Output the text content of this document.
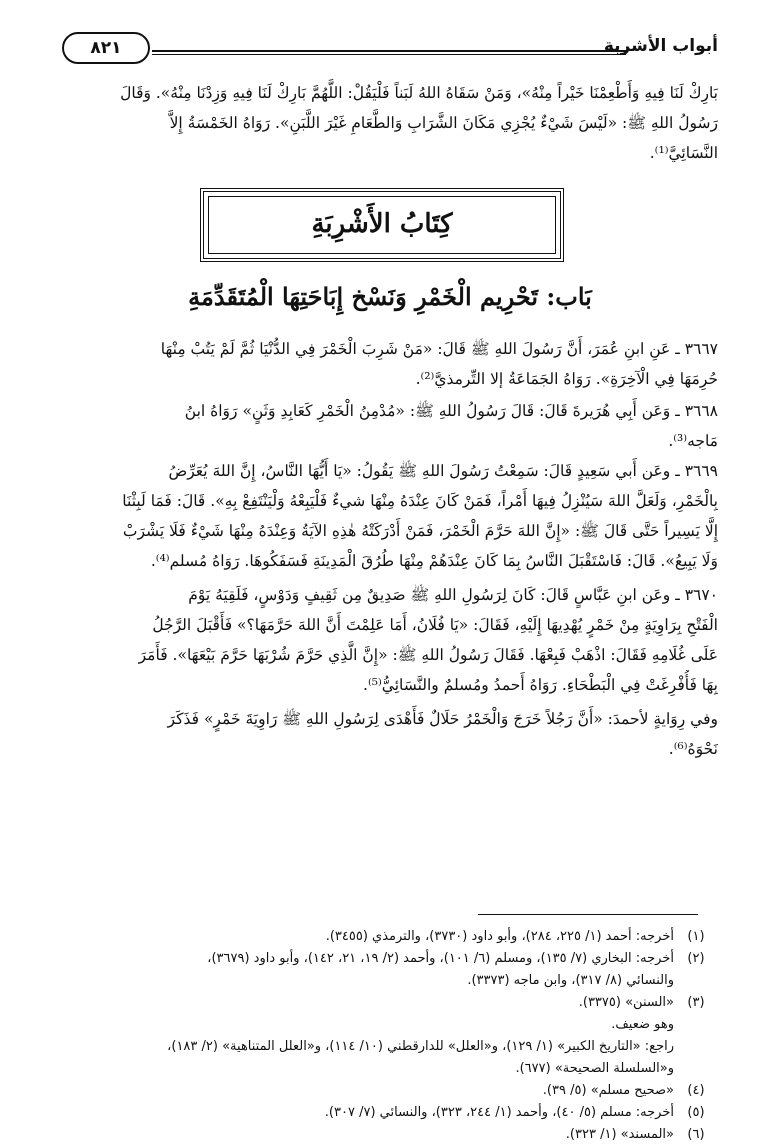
أبواب الأشربة
٨٢١
بَارِكْ لَنَا فِيهِ وَأَطْعِمْنَا خَيْراً مِنْهُ»، وَمَنْ سَقَاهُ اللهُ لَبَناً فَلْيَقُلْ: اللَّهُمَّ بَارِكْ لَنَا فِيهِ وَزِدْنَا مِنْهُ». وَقَالَ
رَسُولُ اللهِ ﷺ: «لَيْسَ شَيْءٌ يُجْزِي مَكَانَ الشَّرَابِ وَالطَّعَامِ غَيْرَ اللَّبَنِ». رَوَاهُ الخَمْسَةُ إِلاَّ
النَّسَائِيَّ⁽¹⁾.
كِتَابُ الأَشْرِبَةِ
بَاب: تَحْرِيم الْخَمْرِ وَنَسْخ إِبَاحَتِهَا الْمُتَقَدِّمَةِ
٣٦٦٧ ـ عَنِ ابنِ عُمَرَ، أَنَّ رَسُولَ اللهِ ﷺ قَالَ: «مَنْ شَرِبَ الْخَمْرَ فِي الدُّنْيَا ثُمَّ لَمْ يَتُبْ مِنْهَا
حُرِمَهَا فِي الْآخِرَةِ». رَوَاهُ الجَمَاعَةُ إلا التِّرمذيَّ⁽²⁾.
٣٦٦٨ ـ وَعَن أَبِي هُرَيرةَ قَالَ: قَالَ رَسُولُ اللهِ ﷺ: «مُدْمِنُ الْخَمْرِ كَعَابِدِ وَثَنٍ» رَوَاهُ ابنُ
مَاجه⁽³⁾.
٣٦٦٩ ـ وعَن أَبي سَعِيدٍ قَالَ: سَمِعْتُ رَسُولَ اللهِ ﷺ يَقُولُ: «يَا أَيُّهَا النَّاسُ، إِنَّ اللهَ يُعَرِّضُ
بِالْخَمْرِ، وَلَعَلَّ اللهَ سَيُنْزِلُ فِيهَا أَمْراً، فَمَنْ كَانَ عِنْدَهُ مِنْهَا شيءٌ فَلْيَبِعْهُ وَلْيَنْتَفِعْ بِهِ». قَالَ: فَمَا لَبِثْنَا
إِلَّا يَسِيراً حَتَّى قَالَ ﷺ: «إِنَّ اللهَ حَرَّمَ الْخَمْرَ، فَمَنْ أَدْرَكَتْهُ هٰذِهِ الآيَةُ وَعِنْدَهُ مِنْهَا شَيْءٌ فَلَا يَشْرَبْ
وَلَا يَبِيعُ». قَالَ: فَاسْتَقْبَلَ النَّاسُ بِمَا كَانَ عِنْدَهُمْ مِنْهَا طُرُقَ الْمَدِينَةِ فَسَفَكُوهَا. رَوَاهُ مُسلم⁽⁴⁾.
٣٦٧٠ ـ وعَن ابنِ عَبَّاسٍ قَالَ: كَانَ لِرَسُولِ اللهِ ﷺ صَدِيقٌ مِن ثَقِيفٍ وَدَوْسٍ، فَلَقِيَهُ يَوْمَ
الْفَتْحِ بِرَاوِيَةٍ مِنْ خَمْرٍ يُهْدِيهَا إِلَيْهِ، فَقَالَ: «يَا فُلَانُ، أَمَا عَلِمْتَ أَنَّ اللهَ حَرَّمَهَا؟» فَأَقْبَلَ الرَّجُلُ
عَلَى غُلَامِهِ فَقَالَ: اذْهَبْ فَبِعْهَا. فَقَالَ رَسُولُ اللهِ ﷺ: «إِنَّ الَّذِي حَرَّمَ شُرْبَهَا حَرَّمَ بَيْعَهَا». فَأَمَرَ
بِهَا فَأُفْرِغَتْ فِي الْبَطْحَاءِ. رَوَاهُ أَحمدُ ومُسلمٌ والنَّسَائِيُّ⁽⁵⁾.
وفي رِوَايةٍ لأحمدَ: «أَنَّ رَجُلاً خَرَجَ وَالْخَمْرُ حَلَالٌ فَأَهْدَى لِرَسُولِ اللهِ ﷺ رَاوِيَةَ خَمْرٍ» فَذَكَرَ
نَحْوَهُ⁽⁶⁾.
(١)
أخرجه: أحمد (١/ ٢٢٥، ٢٨٤)، وأبو داود (٣٧٣٠)، والترمذي (٣٤٥٥).
(٢)
أخرجه: البخاري (٧/ ١٣٥)، ومسلم (٦/ ١٠١)، وأحمد (٢/ ١٩، ٢١، ١٤٢)، وأبو داود (٣٦٧٩)،
والنسائي (٨/ ٣١٧)، وابن ماجه (٣٣٧٣).
(٣)
«السنن» (٣٣٧٥).
وهو ضعيف.
راجع: «التاريخ الكبير» (١/ ١٢٩)، و«العلل» للدارقطني (١٠/ ١١٤)، و«العلل المتناهية» (٢/ ١٨٣)،
و«السلسلة الصحيحة» (٦٧٧).
(٤)
«صحيح مسلم» (٥/ ٣٩).
(٥)
أخرجه: مسلم (٥/ ٤٠)، وأحمد (١/ ٢٤٤، ٣٢٣)، والنسائي (٧/ ٣٠٧).
(٦)
«المسند» (١/ ٣٢٣).
